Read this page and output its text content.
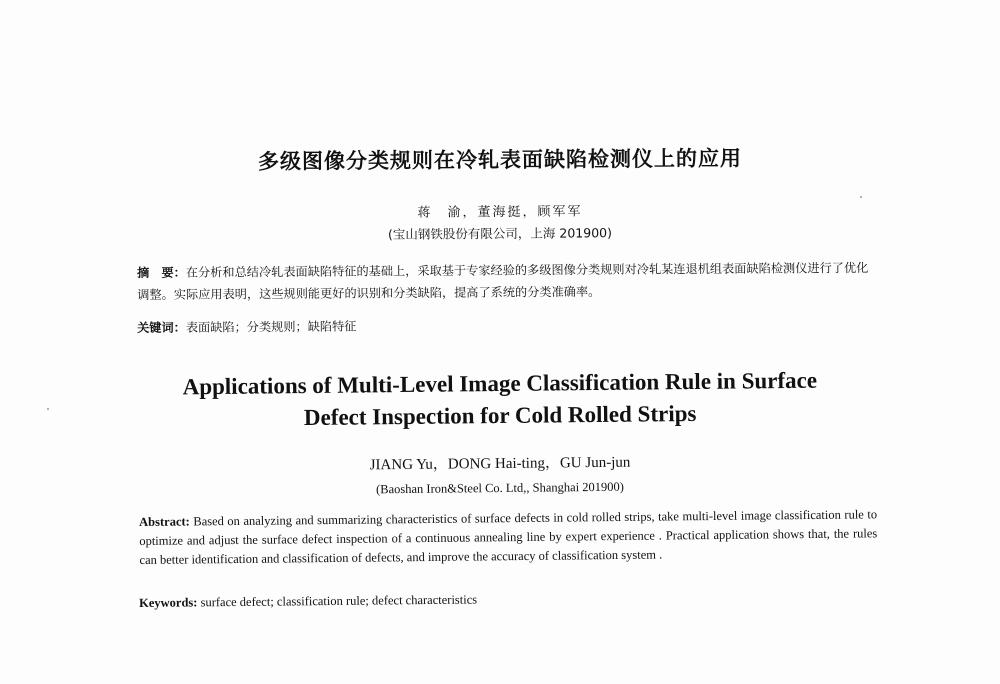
多级图像分类规则在冷轧表面缺陷检测仪上的应用
蒋　渝，董海挺，顾军军
(宝山钢铁股份有限公司，上海 201900)
摘　要：在分析和总结冷轧表面缺陷特征的基础上，采取基于专家经验的多级图像分类规则对冷轧某连退机组表面缺陷检测仪进行了优化调整。实际应用表明，这些规则能更好的识别和分类缺陷，提高了系统的分类准确率。
关键词：表面缺陷；分类规则；缺陷特征
Applications of Multi-Level Image Classification Rule in Surface
Defect Inspection for Cold Rolled Strips
JIANG Yu，DONG Hai-ting，GU Jun-jun
(Baoshan Iron&Steel Co. Ltd,, Shanghai 201900)
Abstract: Based on analyzing and summarizing characteristics of surface defects in cold rolled strips, take multi-level image classification rule to optimize and adjust the surface defect inspection of a continuous annealing line by expert experience . Practical application shows that, the rules can better identification and classification of defects, and improve the accuracy of classification system .
Keywords: surface defect; classification rule; defect characteristics
